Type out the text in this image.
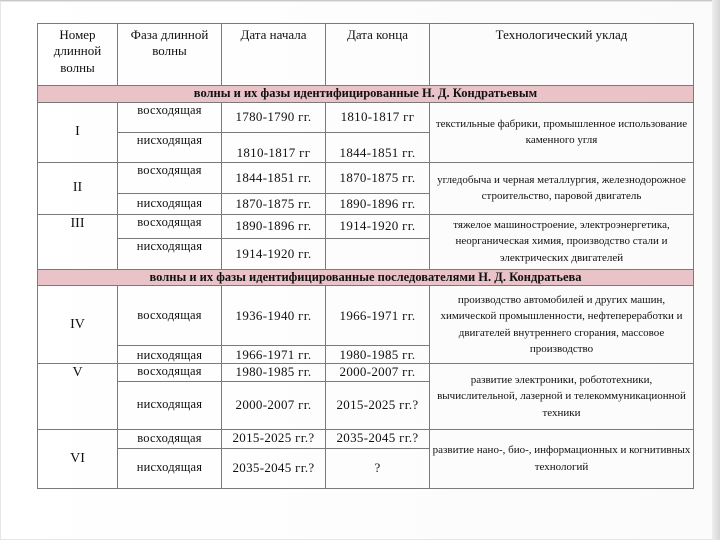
Номер длинной волны	Фаза длинной волны	Дата начала	Дата конца	Технологический уклад
волны и их фазы идентифицированные Н. Д. Кондратьевым				
I	восходящая	1780-1790 гг.	1810-1817 гг	текстильные фабрики, промышленное использование каменного угля
	нисходящая	1810-1817 гг	1844-1851 гг.	
II	восходящая	1844-1851 гг.	1870-1875 гг.	угледобыча и черная металлургия, железнодорожное строительство, паровой двигатель
	нисходящая	1870-1875 гг.	1890-1896 гг.	
III	восходящая	1890-1896 гг.	1914-1920 гг.	тяжелое машиностроение, электроэнергетика, неорганическая химия, производство стали и электрических двигателей
	нисходящая	1914-1920 гг.		
волны и их фазы идентифицированные последователями Н. Д. Кондратьева				
IV	восходящая	1936-1940 гг.	1966-1971 гг.	производство автомобилей и других машин, химической промышленности, нефтепереработки и двигателей внутреннего сгорания, массовое производство
	нисходящая	1966-1971 гг.	1980-1985 гг.	
V	восходящая	1980-1985 гг.	2000-2007 гг.	развитие электроники, робототехники, вычислительной, лазерной и телекоммуникационной техники
	нисходящая	2000-2007 гг.	2015-2025 гг.?	
VI	восходящая	2015-2025 гг.?	2035-2045 гг.?	развитие нано-, био-, информационных и когнитивных технологий
	нисходящая	2035-2045 гг.?	?	
